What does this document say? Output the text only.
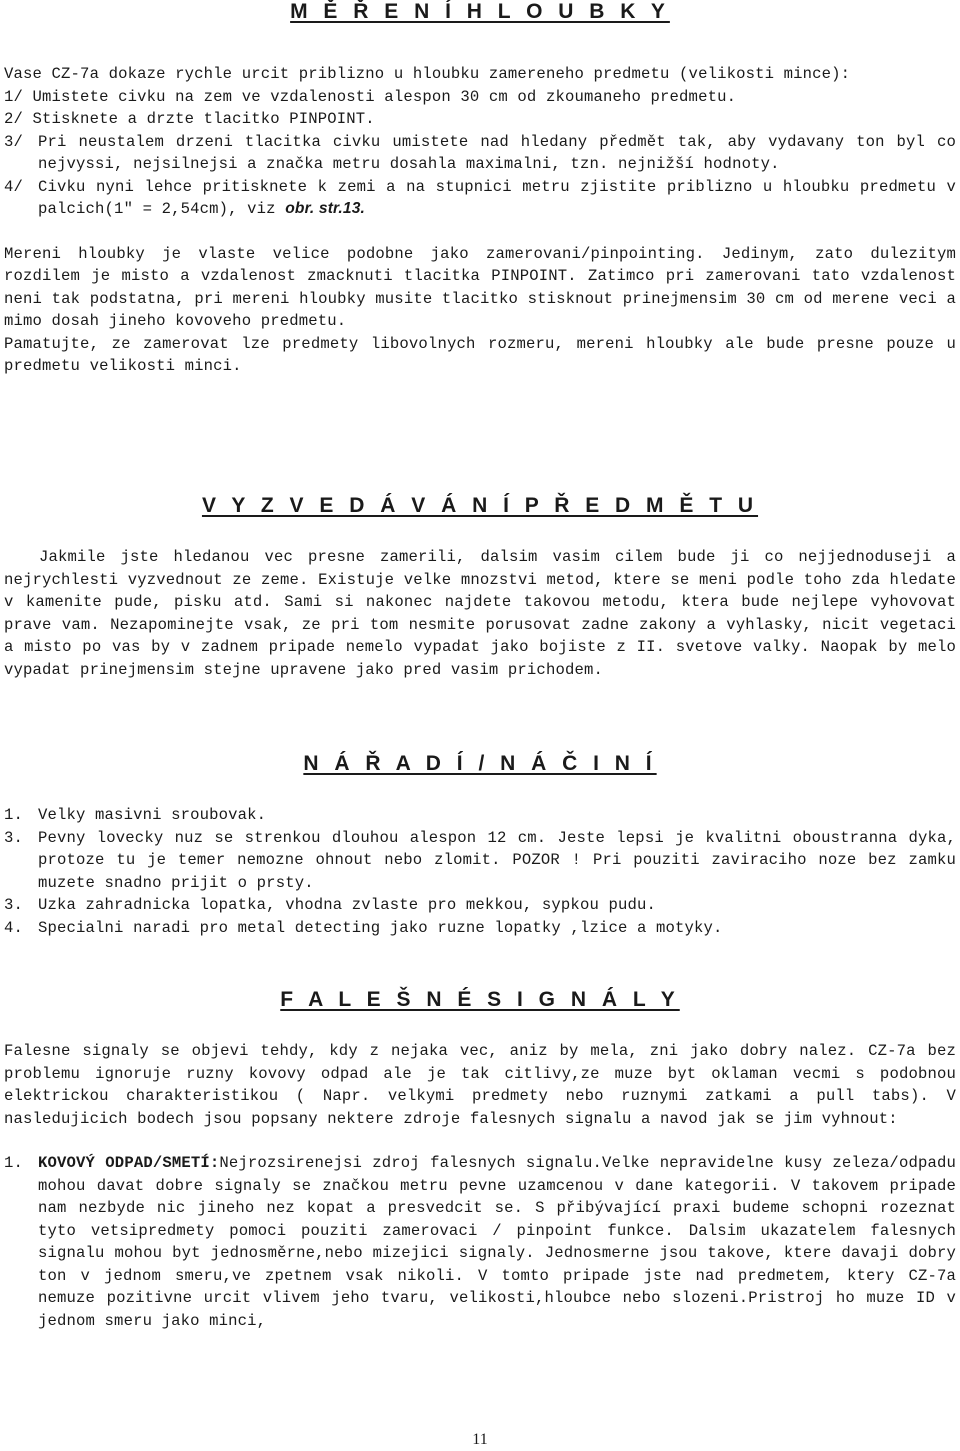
M Ě Ř E N Í H L O U B K Y

Vase CZ-7a dokaze rychle urcit priblizno u hloubku zamereneho predmetu (velikosti mince):

1/ Umistete civku na zem ve vzdalenosti alespon 30 cm od zkoumaneho predmetu.

2/ Stisknete a drzte tlacitko PINPOINT.

3/ Pri neustalem drzeni tlacitka civku umistete nad hledany předmět tak, aby vydavany ton byl co nejvyssi, nejsilnejsi a značka metru dosahla maximalni, tzn. nejnižší hodnoty.
4/ Civku nyni lehce pritisknete k zemi a na stupnici metru zjistite priblizno u hloubku predmetu v palcich(1" = 2,54cm), viz obr. str.13.

Mereni hloubky je vlaste velice podobne jako zamerovani/pinpointing. Jedinym, zato dulezitym rozdilem je misto a vzdalenost zmacknuti tlacitka PINPOINT. Zatimco pri zamerovani tato vzdalenost neni tak podstatna, pri mereni hloubky musite tlacitko stisknout prinejmensim 30 cm od merene veci a mimo dosah jineho kovoveho predmetu.

Pamatujte, ze zamerovat lze predmety libovolnych rozmeru, mereni hloubky ale bude presne pouze u predmetu velikosti minci.

V Y Z V E D Á V Á N Í P Ř E D M Ě T U

Jakmile jste hledanou vec presne zamerili, dalsim vasim cilem bude ji co nejjednoduseji a nejrychlesti vyzvednout ze zeme. Existuje velke mnozstvi metod, ktere se meni podle toho zda hledate v kamenite pude, pisku atd. Sami si nakonec najdete takovou metodu, ktera bude nejlepe vyhovovat prave vam. Nezapominejte vsak, ze pri tom nesmite porusovat zadne zakony a vyhlasky, nicit vegetaci a misto po vas by v zadnem pripade nemelo vypadat jako bojiste z II. svetove valky. Naopak by melo vypadat prinejmensim stejne upravene jako pred vasim prichodem.

N Á Ř A D Í / N Á Č I N Í
1. Velky masivni sroubovak.
3. Pevny lovecky nuz se strenkou dlouhou alespon 12 cm. Jeste lepsi je kvalitni oboustranna dyka, protoze tu je temer nemozne ohnout nebo zlomit. POZOR ! Pri pouziti zaviraciho noze bez zamku muzete snadno prijit o prsty.
3. Uzka zahradnicka lopatka, vhodna zvlaste pro mekkou, sypkou pudu.
4. Specialni naradi pro metal detecting jako ruzne lopatky ,lzice a motyky.
F A L E Š N É S I G N Á L Y

Falesne signaly se objevi tehdy, kdy z nejaka vec, aniz by mela, zni jako dobry nalez. CZ-7a bez problemu ignoruje ruzny kovovy odpad ale je tak citlivy,ze muze byt oklaman vecmi s podobnou elektrickou charakteristikou ( Napr. velkymi predmety nebo ruznymi zatkami a pull tabs). V nasledujicich bodech jsou popsany nektere zdroje falesnych signalu a navod jak se jim vyhnout:

1. KOVOVÝ ODPAD/SMETÍ:Nejrozsirenejsi zdroj falesnych signalu.Velke nepravidelne kusy zeleza/odpadu mohou davat dobre signaly se značkou metru pevne uzamcenou v dane kategorii. V takovem pripade nam nezbyde nic jineho nez kopat a presvedcit se. S přibývající praxi budeme schopni rozeznat tyto vetsipredmety pomoci pouziti zamerovaci / pinpoint funkce. Dalsim ukazatelem falesnych signalu mohou byt jednosměrne,nebo mizejici signaly. Jednosmerne jsou takove, ktere davaji dobry ton v jednom smeru,ve zpetnem vsak nikoli. V tomto pripade jste nad predmetem, ktery CZ-7a nemuze pozitivne urcit vlivem jeho tvaru, velikosti,hloubce nebo slozeni.Pristroj ho muze ID v jednom smeru jako minci,

11
